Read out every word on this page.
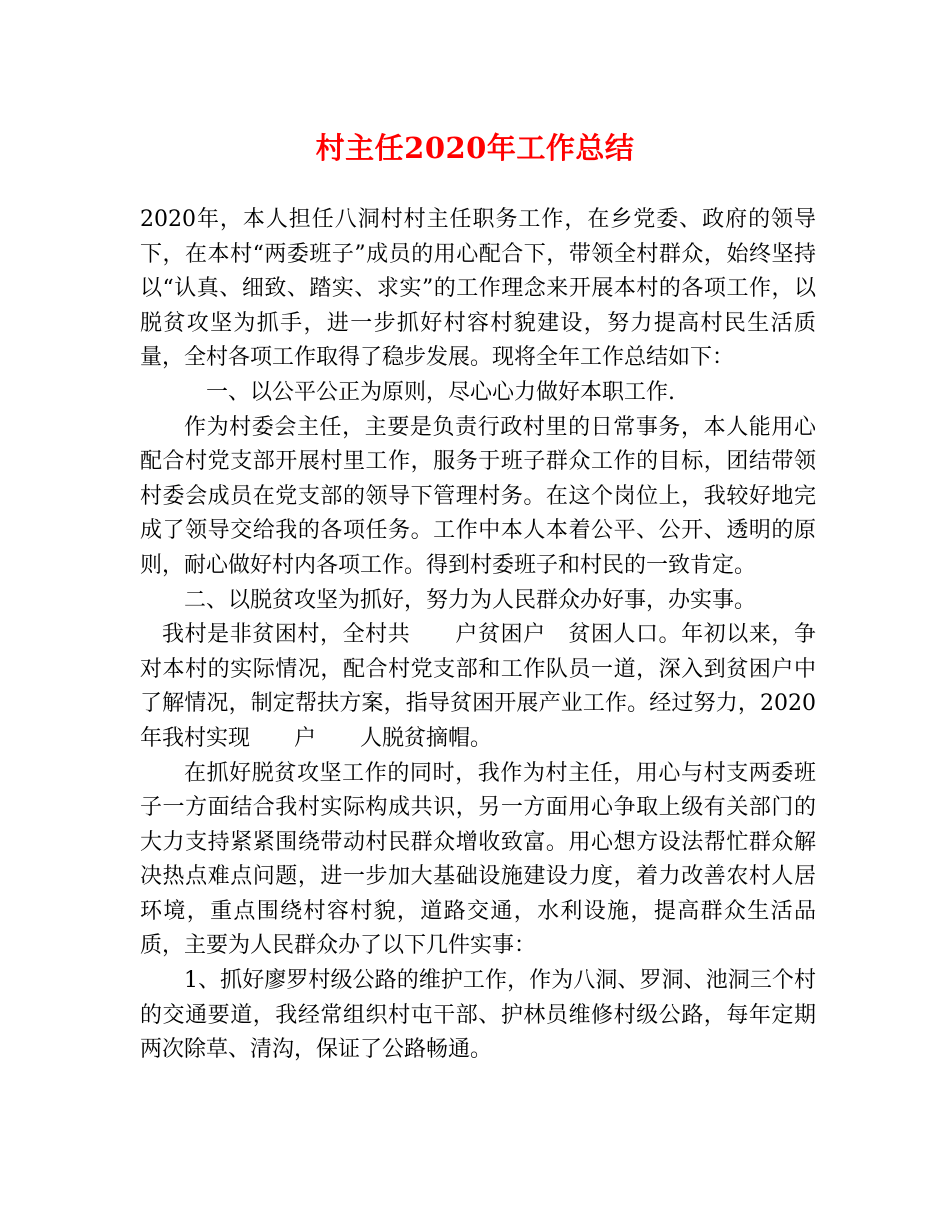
村主任2020年工作总结

2020年，本人担任八洞村村主任职务工作，在乡党委、政府的领导下，在本村“两委班子”成员的用心配合下，带领全村群众，始终坚持以“认真、细致、踏实、求实”的工作理念来开展本村的各项工作，以脱贫攻坚为抓手，进一步抓好村容村貌建设，努力提高村民生活质量，全村各项工作取得了稳步发展。现将全年工作总结如下：

一、以公平公正为原则，尽心心力做好本职工作.

作为村委会主任，主要是负责行政村里的日常事务，本人能用心配合村党支部开展村里工作，服务于班子群众工作的目标，团结带领村委会成员在党支部的领导下管理村务。在这个岗位上，我较好地完成了领导交给我的各项任务。工作中本人本着公平、公开、透明的原则，耐心做好村内各项工作。得到村委班子和村民的一致肯定。

二、以脱贫攻坚为抓好，努力为人民群众办好事，办实事。

我村是非贫困村，全村共　　户贫困户　贫困人口。年初以来，争对本村的实际情况，配合村党支部和工作队员一道，深入到贫困户中了解情况，制定帮扶方案，指导贫困开展产业工作。经过努力，2020年我村实现　　户　　人脱贫摘帽。

在抓好脱贫攻坚工作的同时，我作为村主任，用心与村支两委班子一方面结合我村实际构成共识，另一方面用心争取上级有关部门的大力支持紧紧围绕带动村民群众增收致富。用心想方设法帮忙群众解决热点难点问题，进一步加大基础设施建设力度，着力改善农村人居环境，重点围绕村容村貌，道路交通，水利设施，提高群众生活品质，主要为人民群众办了以下几件实事：

1、抓好廖罗村级公路的维护工作，作为八洞、罗洞、池洞三个村的交通要道，我经常组织村屯干部、护林员维修村级公路，每年定期两次除草、清沟，保证了公路畅通。
